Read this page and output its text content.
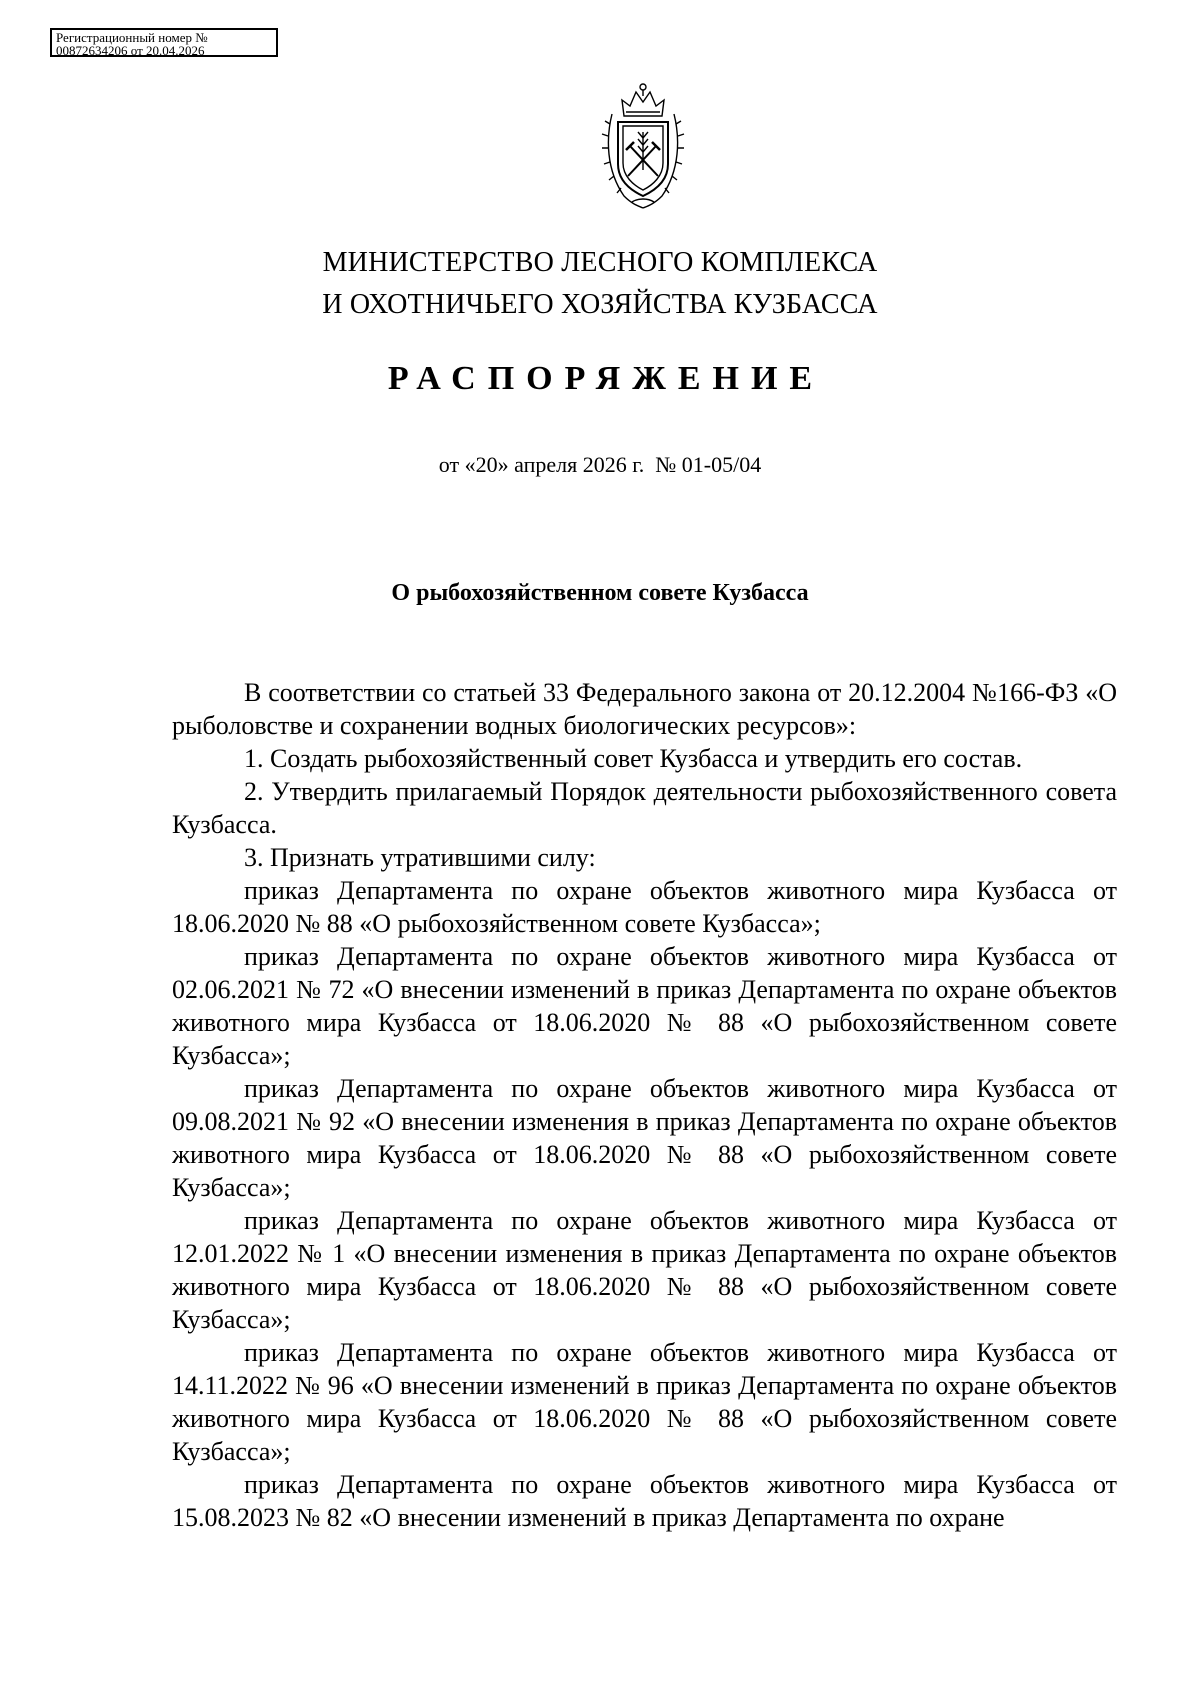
Регистрационный номер №
00872634206 от 20.04.2026
МИНИСТЕРСТВО ЛЕСНОГО КОМПЛЕКСА
И ОХОТНИЧЬЕГО ХОЗЯЙСТВА КУЗБАССА
РАСПОРЯЖЕНИЕ
от «20» апреля 2026 г.  № 01-05/04
О рыбохозяйственном совете Кузбасса

В соответствии со статьей 33 Федерального закона от 20.12.2004 №166-ФЗ «О рыболовстве и сохранении водных биологических ресурсов»:

1. Создать рыбохозяйственный совет Кузбасса и утвердить его состав.

2. Утвердить прилагаемый Порядок деятельности рыбохозяйственного совета Кузбасса.

3. Признать утратившими силу:

приказ Департамента по охране объектов животного мира Кузбасса от 18.06.2020 № 88 «О рыбохозяйственном совете Кузбасса»;

приказ Департамента по охране объектов животного мира Кузбасса от 02.06.2021 № 72 «О внесении изменений в приказ Департамента по охране объектов животного мира Кузбасса от 18.06.2020 № 88 «О рыбохозяйственном совете Кузбасса»;

приказ Департамента по охране объектов животного мира Кузбасса от 09.08.2021 № 92 «О внесении изменения в приказ Департамента по охране объектов животного мира Кузбасса от 18.06.2020 № 88 «О рыбохозяйственном совете Кузбасса»;

приказ Департамента по охране объектов животного мира Кузбасса от 12.01.2022 № 1 «О внесении изменения в приказ Департамента по охране объектов животного мира Кузбасса от 18.06.2020 № 88 «О рыбохозяйственном совете Кузбасса»;

приказ Департамента по охране объектов животного мира Кузбасса от 14.11.2022 № 96 «О внесении изменений в приказ Департамента по охране объектов животного мира Кузбасса от 18.06.2020 № 88 «О рыбохозяйственном совете Кузбасса»;

приказ Департамента по охране объектов животного мира Кузбасса от 15.08.2023 № 82 «О внесении изменений в приказ Департамента по охране
